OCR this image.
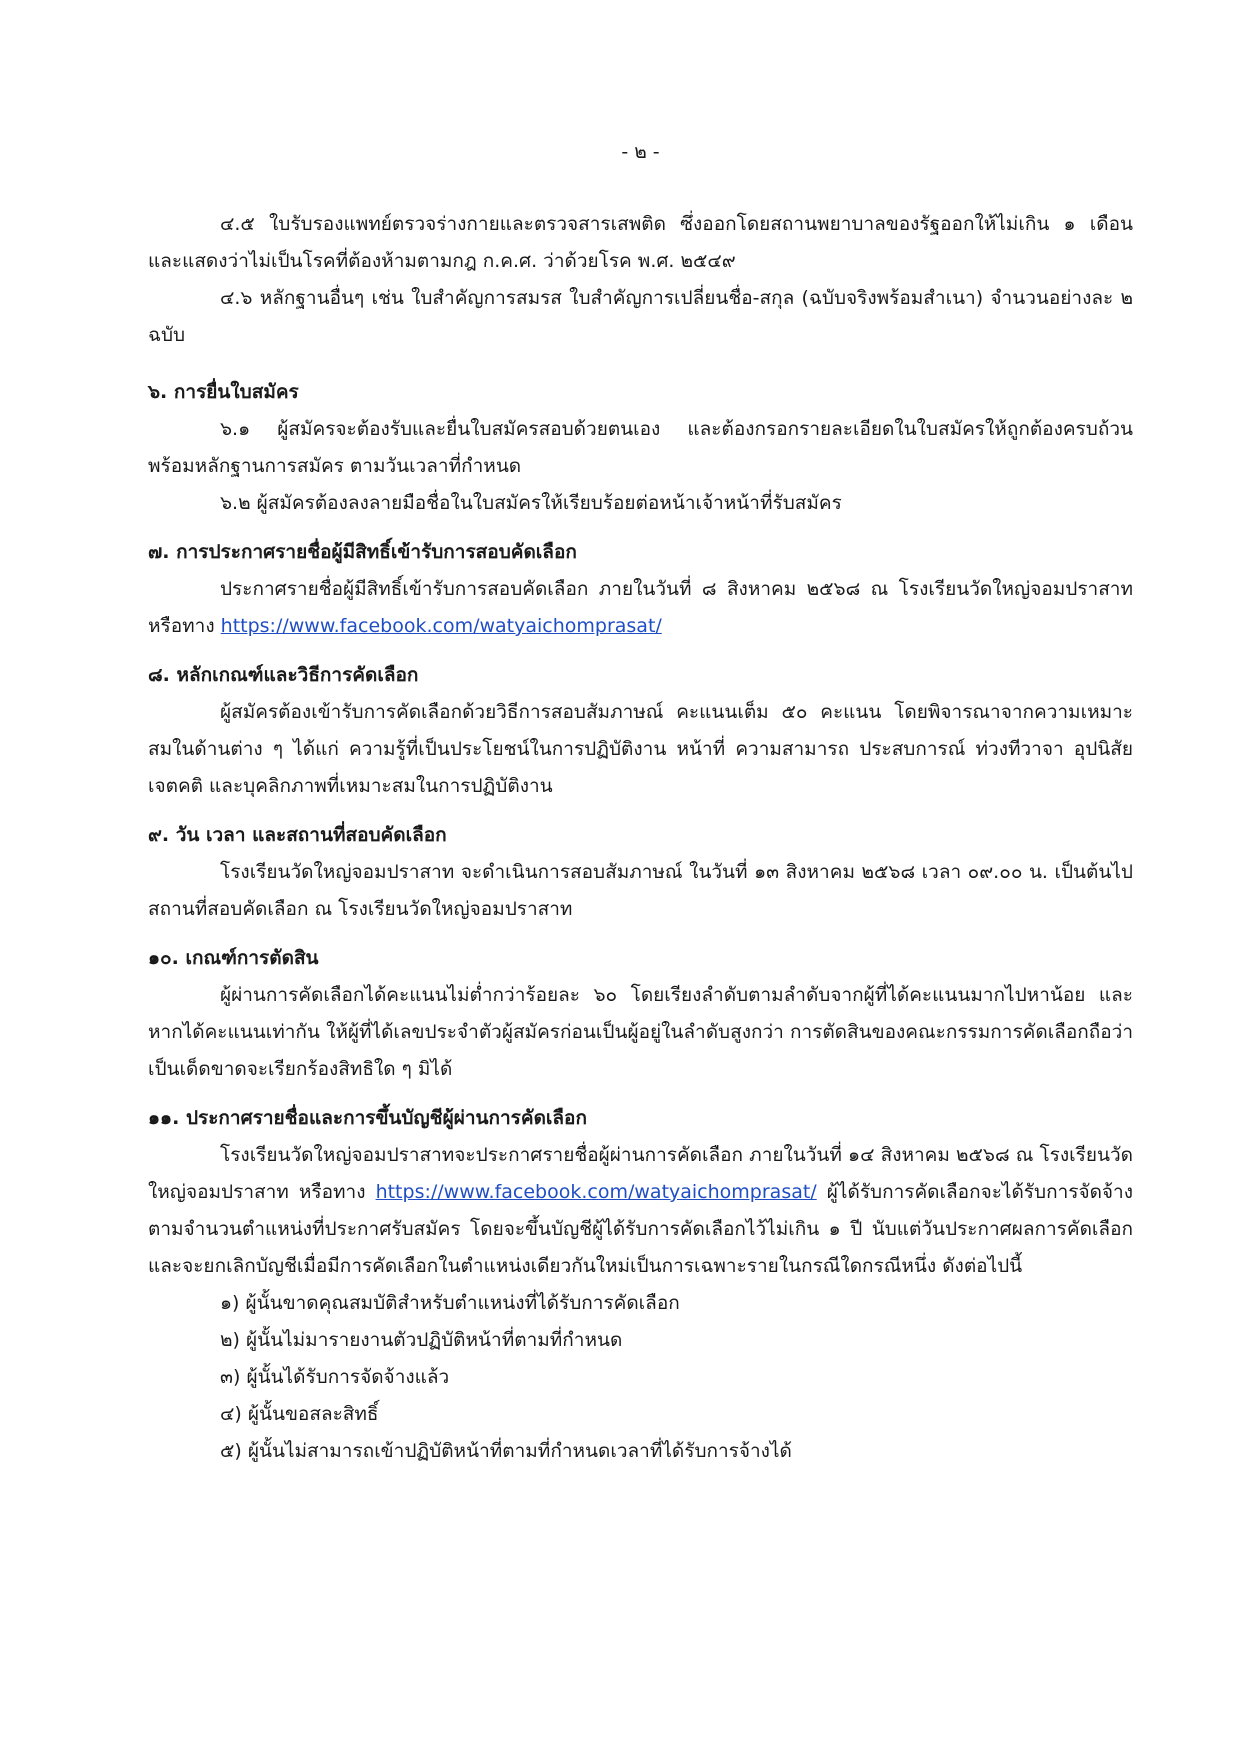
- ๒ -

๔.๕ ใบรับรองแพทย์ตรวจร่างกายและตรวจสารเสพติด ซึ่งออกโดยสถานพยาบาลของรัฐออกให้ไม่เกิน ๑ เดือน และแสดงว่าไม่เป็นโรคที่ต้องห้ามตามกฎ ก.ค.ศ. ว่าด้วยโรค พ.ศ. ๒๕๔๙

๔.๖ หลักฐานอื่นๆ เช่น ใบสำคัญการสมรส ใบสำคัญการเปลี่ยนชื่อ-สกุล (ฉบับจริงพร้อมสำเนา) จำนวนอย่างละ ๒ ฉบับ

๖. การยื่นใบสมัคร

๖.๑ ผู้สมัครจะต้องรับและยื่นใบสมัครสอบด้วยตนเอง และต้องกรอกรายละเอียดในใบสมัครให้ถูกต้องครบถ้วน พร้อมหลักฐานการสมัคร ตามวันเวลาที่กำหนด

๖.๒ ผู้สมัครต้องลงลายมือชื่อในใบสมัครให้เรียบร้อยต่อหน้าเจ้าหน้าที่รับสมัคร

๗. การประกาศรายชื่อผู้มีสิทธิ์เข้ารับการสอบคัดเลือก

ประกาศรายชื่อผู้มีสิทธิ์เข้ารับการสอบคัดเลือก ภายในวันที่ ๘ สิงหาคม ๒๕๖๘ ณ โรงเรียนวัดใหญ่จอมปราสาท หรือทาง https://www.facebook.com/watyaichomprasat/

๘. หลักเกณฑ์และวิธีการคัดเลือก

ผู้สมัครต้องเข้ารับการคัดเลือกด้วยวิธีการสอบสัมภาษณ์ คะแนนเต็ม ๕๐ คะแนน โดยพิจารณาจากความเหมาะสมในด้านต่าง ๆ ได้แก่ ความรู้ที่เป็นประโยชน์ในการปฏิบัติงาน หน้าที่ ความสามารถ ประสบการณ์ ท่วงทีวาจา อุปนิสัย เจตคติ และบุคลิกภาพที่เหมาะสมในการปฏิบัติงาน

๙. วัน เวลา และสถานที่สอบคัดเลือก

โรงเรียนวัดใหญ่จอมปราสาท จะดำเนินการสอบสัมภาษณ์ ในวันที่ ๑๓ สิงหาคม ๒๕๖๘ เวลา ๐๙.๐๐ น. เป็นต้นไป สถานที่สอบคัดเลือก ณ โรงเรียนวัดใหญ่จอมปราสาท

๑๐. เกณฑ์การตัดสิน

ผู้ผ่านการคัดเลือกได้คะแนนไม่ต่ำกว่าร้อยละ ๖๐ โดยเรียงลำดับตามลำดับจากผู้ที่ได้คะแนนมากไปหาน้อย และหากได้คะแนนเท่ากัน ให้ผู้ที่ได้เลขประจำตัวผู้สมัครก่อนเป็นผู้อยู่ในลำดับสูงกว่า การตัดสินของคณะกรรมการคัดเลือกถือว่าเป็นเด็ดขาดจะเรียกร้องสิทธิใด ๆ มิได้

๑๑. ประกาศรายชื่อและการขึ้นบัญชีผู้ผ่านการคัดเลือก

โรงเรียนวัดใหญ่จอมปราสาทจะประกาศรายชื่อผู้ผ่านการคัดเลือก ภายในวันที่ ๑๔ สิงหาคม ๒๕๖๘ ณ โรงเรียนวัดใหญ่จอมปราสาท หรือทาง https://www.facebook.com/watyaichomprasat/ ผู้ได้รับการคัดเลือกจะได้รับการจัดจ้างตามจำนวนตำแหน่งที่ประกาศรับสมัคร โดยจะขึ้นบัญชีผู้ได้รับการคัดเลือกไว้ไม่เกิน ๑ ปี นับแต่วันประกาศผลการคัดเลือก และจะยกเลิกบัญชีเมื่อมีการคัดเลือกในตำแหน่งเดียวกันใหม่เป็นการเฉพาะรายในกรณีใดกรณีหนึ่ง ดังต่อไปนี้

๑) ผู้นั้นขาดคุณสมบัติสำหรับตำแหน่งที่ได้รับการคัดเลือก

๒) ผู้นั้นไม่มารายงานตัวปฏิบัติหน้าที่ตามที่กำหนด

๓) ผู้นั้นได้รับการจัดจ้างแล้ว

๔) ผู้นั้นขอสละสิทธิ์

๕) ผู้นั้นไม่สามารถเข้าปฏิบัติหน้าที่ตามที่กำหนดเวลาที่ได้รับการจ้างได้
